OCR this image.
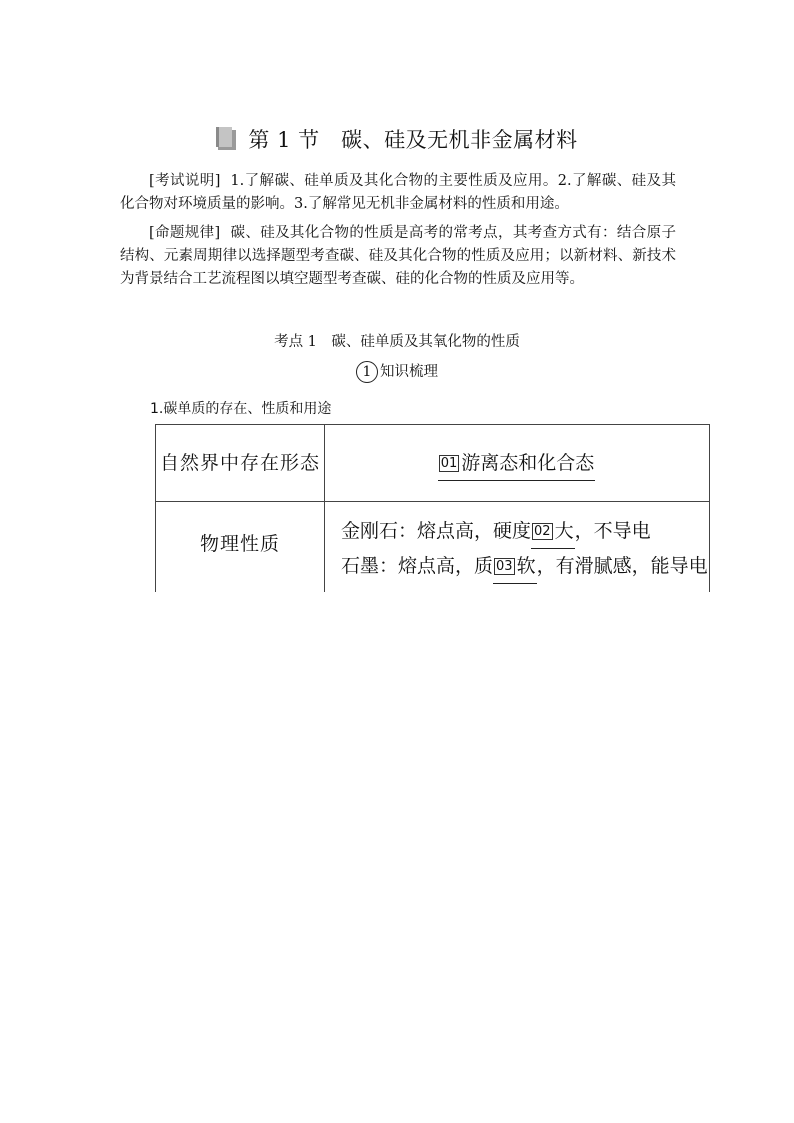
第 1 节　碳、硅及无机非金属材料

[考试说明] 1.了解碳、硅单质及其化合物的主要性质及应用。2.了解碳、硅及其化合物对环境质量的影响。3.了解常见无机非金属材料的性质和用途。

[命题规律] 碳、硅及其化合物的性质是高考的常考点，其考查方式有：结合原子结构、元素周期律以选择题型考查碳、硅及其化合物的性质及应用；以新材料、新技术为背景结合工艺流程图以填空题型考查碳、硅的化合物的性质及应用等。

考点 1　碳、硅单质及其氧化物的性质
1 知识梳理
1.碳单质的存在、性质和用途
自然界中存在形态	01 游离态和化合态
物理性质	金刚石：熔点高，硬度 02 大，不导电
石墨：熔点高，质 03 软，有滑腻感，能导电
